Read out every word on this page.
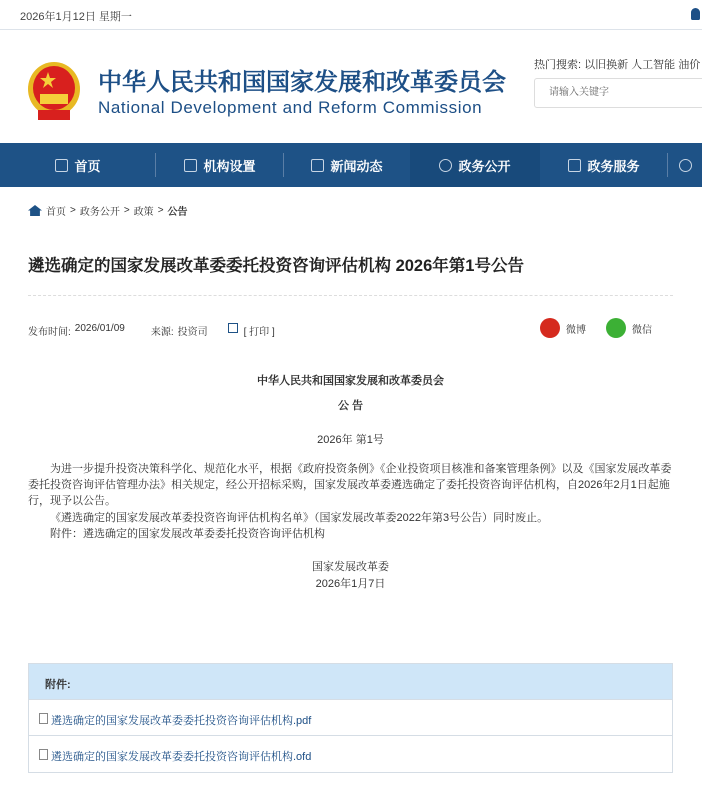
2026年1月12日 星期一
中华人民共和国国家发展和改革委员会
National Development and Reform Commission
热门搜索: 以旧换新 人工智能 油价
请输入关键字
首页	机构设置	新闻动态	政务公开	政务服务
首页 > 政务公开 > 政策 > 公告
遴选确定的国家发展改革委委托投资咨询评估机构 2026年第1号公告
发布时间: 2026/01/09	来源: 投资司	[ 打印 ]	微博	微信
中华人民共和国国家发展和改革委员会
公 告
2026年 第1号
为进一步提升投资决策科学化、规范化水平，根据《政府投资条例》《企业投资项目核准和备案管理条例》以及《国家发展改革委委托投资咨询评估管理办法》相关规定，经公开招标采购，国家发展改革委遴选确定了委托投资咨询评估机构，自2026年2月1日起施行，现予以公告。
《遴选确定的国家发展改革委投资咨询评估机构名单》（国家发展改革委2022年第3号公告）同时废止。
附件：遴选确定的国家发展改革委委托投资咨询评估机构
国家发展改革委
2026年1月7日
附件:
遴选确定的国家发展改革委委托投资咨询评估机构.pdf
遴选确定的国家发展改革委委托投资咨询评估机构.ofd
